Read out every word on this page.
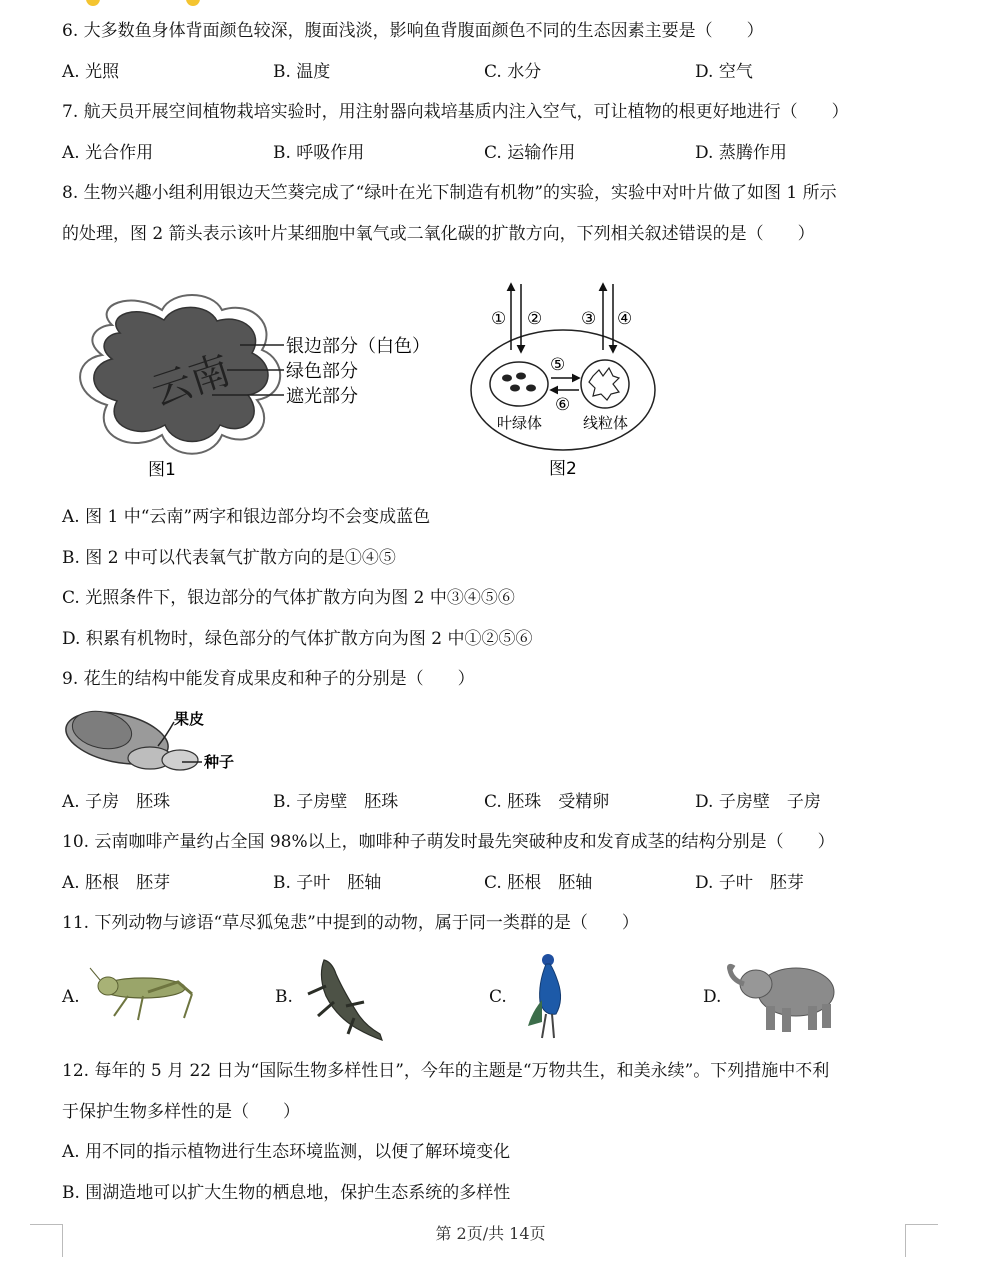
6. 大多数鱼身体背面颜色较深，腹面浅淡，影响鱼背腹面颜色不同的生态因素主要是（　　）
A. 光照	B. 温度	C. 水分	D. 空气
7. 航天员开展空间植物栽培实验时，用注射器向栽培基质内注入空气，可让植物的根更好地进行（　　）
A. 光合作用	B. 呼吸作用	C. 运输作用	D. 蒸腾作用
8. 生物兴趣小组利用银边天竺葵完成了“绿叶在光下制造有机物”的实验，实验中对叶片做了如图 1 所示
的处理，图 2 箭头表示该叶片某细胞中氧气或二氧化碳的扩散方向，下列相关叙述错误的是（　　）
云南
银边部分（白色）
绿色部分
遮光部分
图1
① ② ③ ④
⑤
⑥
叶绿体	线粒体
图2
A. 图 1 中“云南”两字和银边部分均不会变成蓝色
B. 图 2 中可以代表氧气扩散方向的是①④⑤
C. 光照条件下，银边部分的气体扩散方向为图 2 中③④⑤⑥
D. 积累有机物时，绿色部分的气体扩散方向为图 2 中①②⑤⑥
9. 花生的结构中能发育成果皮和种子的分别是（　　）
果皮
种子
A. 子房　胚珠	B. 子房壁　胚珠	C. 胚珠　受精卵	D. 子房壁　子房
10. 云南咖啡产量约占全国 98%以上，咖啡种子萌发时最先突破种皮和发育成茎的结构分别是（　　）
A. 胚根　胚芽	B. 子叶　胚轴	C. 胚根　胚轴	D. 子叶　胚芽
11. 下列动物与谚语“草尽狐兔悲”中提到的动物，属于同一类群的是（　　）
A.	B.	C.	D.
12. 每年的 5 月 22 日为“国际生物多样性日”，今年的主题是“万物共生，和美永续”。下列措施中不利
于保护生物多样性的是（　　）
A. 用不同的指示植物进行生态环境监测，以便了解环境变化
B. 围湖造地可以扩大生物的栖息地，保护生态系统的多样性
第 2页/共 14页
